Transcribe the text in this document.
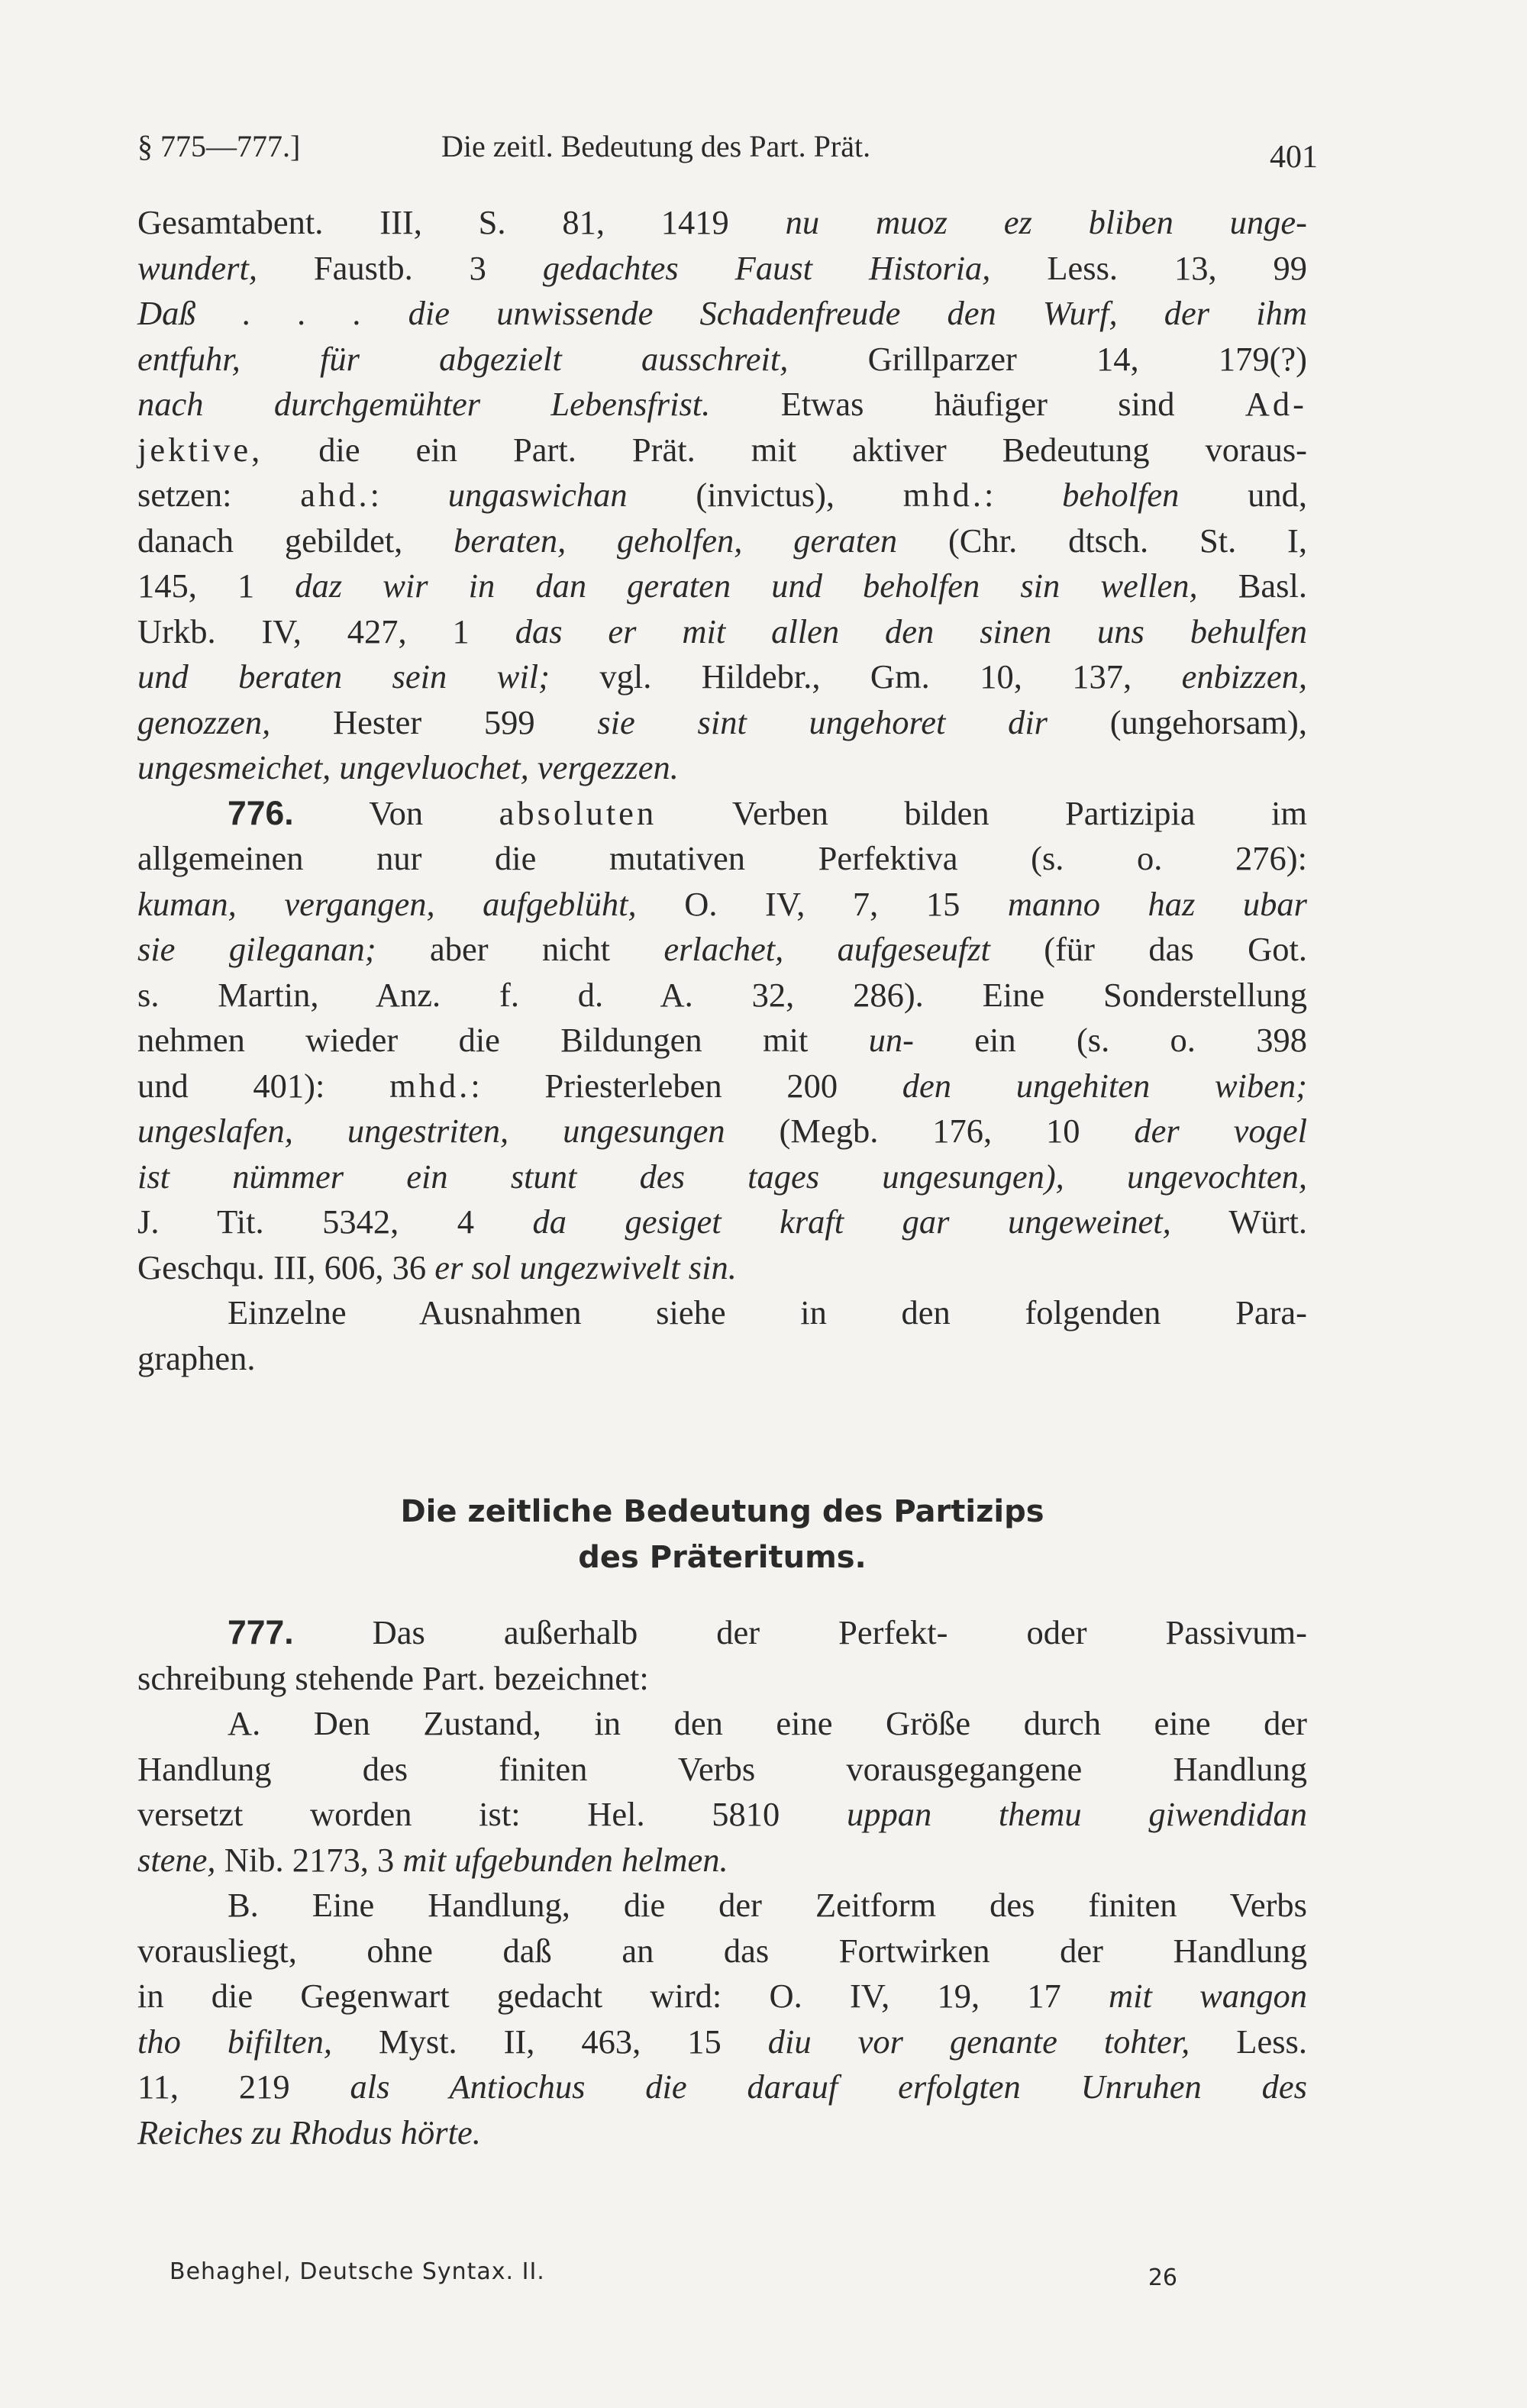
§ 775—777.]	Die zeitl. Bedeutung des Part. Prät.	401
Gesamtabent. III, S. 81, 1419 nu muoz ez bliben unge-
wundert, Faustb. 3 gedachtes Faust Historia, Less. 13, 99
Daß . . . die unwissende Schadenfreude den Wurf, der ihm
entfuhr, für abgezielt ausschreit, Grillparzer 14, 179(?)
nach durchgemühter Lebensfrist. Etwas häufiger sind Ad-
jektive, die ein Part. Prät. mit aktiver Bedeutung voraus-
setzen: ahd.: ungaswichan (invictus), mhd.: beholfen und,
danach gebildet, beraten, geholfen, geraten (Chr. dtsch. St. I,
145, 1 daz wir in dan geraten und beholfen sin wellen, Basl.
Urkb. IV, 427, 1 das er mit allen den sinen uns behulfen
und beraten sein wil; vgl. Hildebr., Gm. 10, 137, enbizzen,
genozzen, Hester 599 sie sint ungehoret dir (ungehorsam),
ungesmeichet, ungevluochet, vergezzen.
776. Von absoluten Verben bilden Partizipia im
allgemeinen nur die mutativen Perfektiva (s. o. 276):
kuman, vergangen, aufgeblüht, O. IV, 7, 15 manno haz ubar
sie gileganan; aber nicht erlachet, aufgeseufzt (für das Got.
s. Martin, Anz. f. d. A. 32, 286). Eine Sonderstellung
nehmen wieder die Bildungen mit un- ein (s. o. 398
und 401): mhd.: Priesterleben 200 den ungehiten wiben;
ungeslafen, ungestriten, ungesungen (Megb. 176, 10 der vogel
ist nümmer ein stunt des tages ungesungen), ungevochten,
J. Tit. 5342, 4 da gesiget kraft gar ungeweinet, Würt.
Geschqu. III, 606, 36 er sol ungezwivelt sin.
Einzelne Ausnahmen siehe in den folgenden Para-
graphen.
777. Das außerhalb der Perfekt- oder Passivum-
schreibung stehende Part. bezeichnet:
A. Den Zustand, in den eine Größe durch eine der
Handlung des finiten Verbs vorausgegangene Handlung
versetzt worden ist: Hel. 5810 uppan themu giwendidan
stene, Nib. 2173, 3 mit ufgebunden helmen.
B. Eine Handlung, die der Zeitform des finiten Verbs
vorausliegt, ohne daß an das Fortwirken der Handlung
in die Gegenwart gedacht wird: O. IV, 19, 17 mit wangon
tho bifilten, Myst. II, 463, 15 diu vor genante tohter, Less.
11, 219 als Antiochus die darauf erfolgten Unruhen des
Reiches zu Rhodus hörte.
Die zeitliche Bedeutung des Partizips
des Präteritums.
Behaghel, Deutsche Syntax. II.	26
